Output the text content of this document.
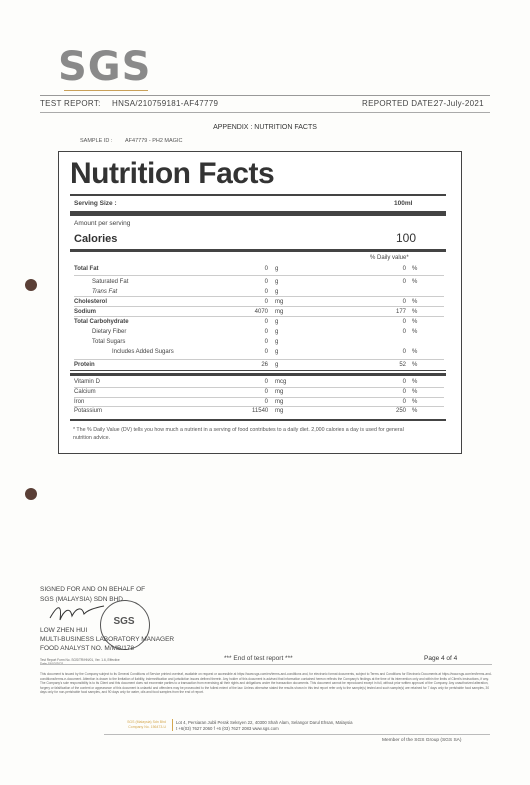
SGS
TEST REPORT: HNSA/210759181-AF47779	REPORTED DATE:
27-July-2021
APPENDIX : NUTRITION FACTS
SAMPLE ID : AF47779 - PH2 MAGIC
Nutrition Facts
Serving Size :	100ml
Amount per serving
Calories	100
% Daily value*
Total Fat	0 g	0 %
Saturated Fat	0 g	0 %
Trans Fat	0 g
Cholesterol	0 mg	0 %
Sodium	4070 mg	177 %
Total Carbohydrate	0 g	0 %
Dietary Fiber	0 g	0 %
Total Sugars	0 g
Includes Added Sugars	0 g	0 %
Protein	26 g	52 %
Vitamin D	0 mcg	0 %
Calcium	0 mg	0 %
Iron	0 mg	0 %
Potassium	11540 mg	250 %
* The % Daily Value (DV) tells you how much a nutrient in a serving of food contributes to a daily diet. 2,000 calories a day is used for general nutrition advice.
SIGNED FOR AND ON BEHALF OF
SGS (MALAYSIA) SDN BHD
SGS
LOW ZHEN HUI
MULTI-BUSINESS LABORATORY MANAGER
FOOD ANALYST NO. M/MB/178
Test Report Form No. SGS/TR/HN/01, Ver. 1.6, Effective	*** End of test report ***	Page 4 of 4
This document is issued by the Company subject to its General Conditions of Service printed overleaf, available on request or accessible at https://www.sgs.com/en/terms-and-conditions and, for electronic format documents, subject to Terms and Conditions for Electronic Documents at https://www.sgs.com/en/terms-and-conditions/terms-e-document. Attention is drawn to the limitation of liability, indemnification and jurisdiction issues defined therein. Any holder of this document is advised that information contained hereon reflects the Company's findings at the time of its intervention only and within the limits of Client's instructions, if any. The Company's sole responsibility is to its Client and this document does not exonerate parties to a transaction from exercising all their rights and obligations under the transaction documents. This document cannot be reproduced except in full, without prior written approval of the Company. Any unauthorized alteration, forgery or falsification of the content or appearance of this document is unlawful and offenders may be prosecuted to the fullest extent of the law. Unless otherwise stated the results shown in this test report refer only to the sample(s) tested and such sample(s) are retained for 7 days only for perishable food samples, 30 days only for non-perishable food samples, and 90 days only for water, oils and food samples from the end of report.
SGS (Malaysia) Sdn Bhd
Company No. 156473-U
Lot 4, Persiaran Jubli Perak Seksyen 22, 40300 Shah Alam, Selangor Darul Ehsan, Malaysia
t +6(03) 7627 2060 f +6 (03) 7627 2083 www.sgs.com
Member of the SGS Group (SGS SA)
